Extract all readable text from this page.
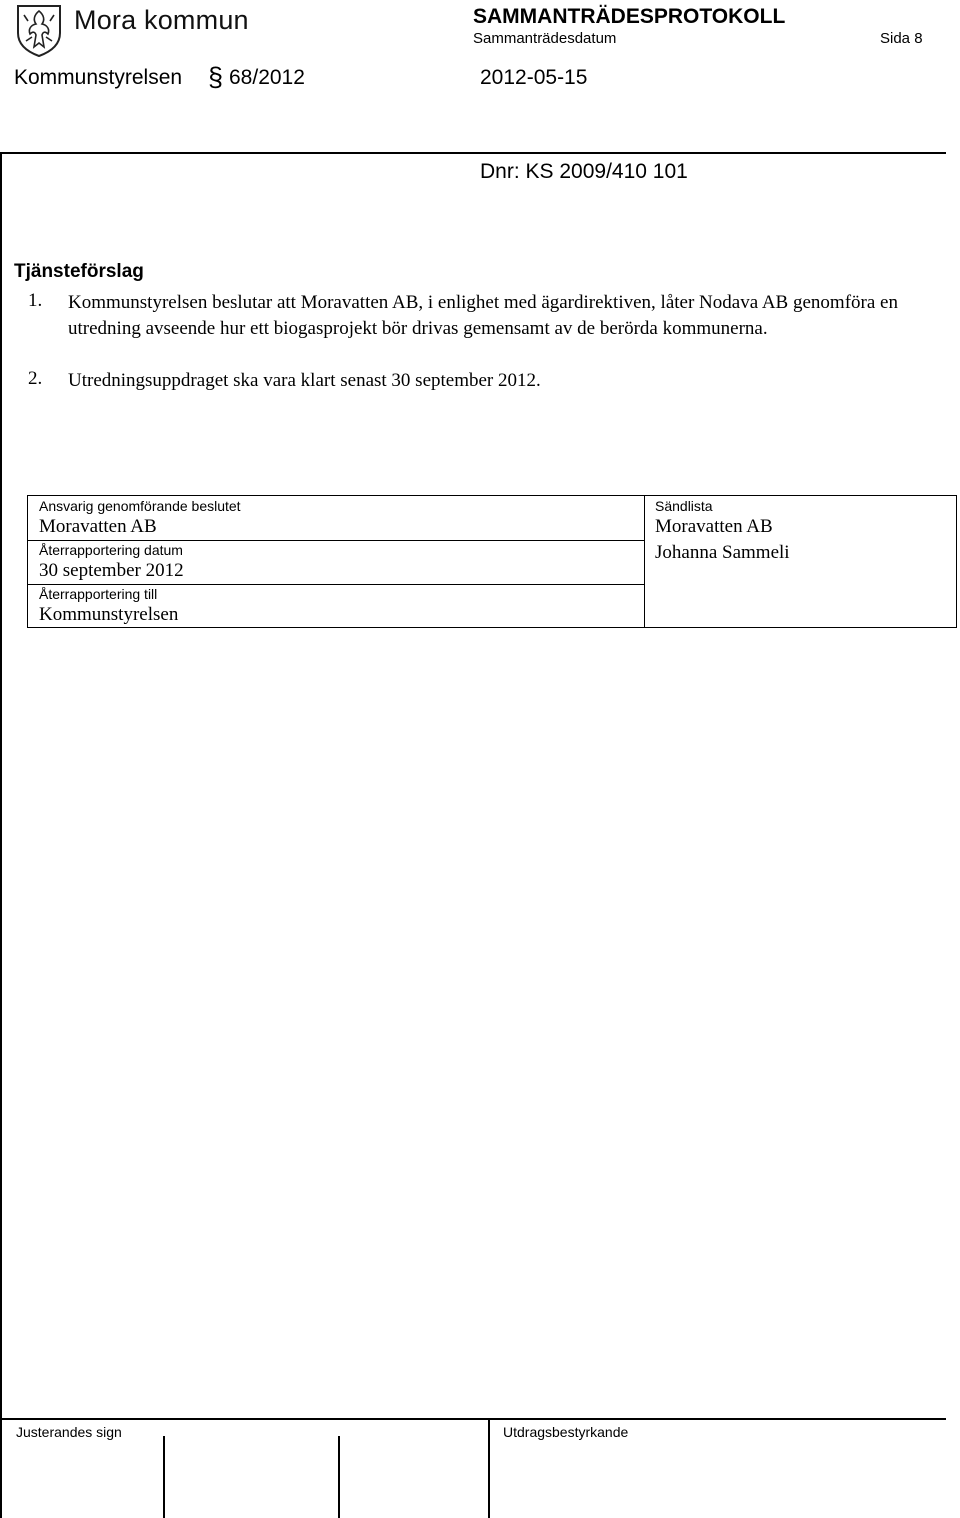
Mora kommun	SAMMANTRÄDESPROTOKOLL
Sammanträdesdatum	Sida 8
Kommunstyrelsen § 68/2012	2012-05-15
Dnr: KS 2009/410 101
Tjänsteförslag
1. Kommunstyrelsen beslutar att Moravatten AB, i enlighet med ägardirektiven, låter Nodava AB genomföra en utredning avseende hur ett biogasprojekt bör drivas gemensamt av de berörda kommunerna.
2. Utredningsuppdraget ska vara klart senast 30 september 2012.
Ansvarig genomförande beslutet
Moravatten AB
Återrapportering datum
30 september 2012
Återrapportering till
Kommunstyrelsen
Sändlista
Moravatten AB
Johanna Sammeli
Justerandes sign	Utdragsbestyrkande
